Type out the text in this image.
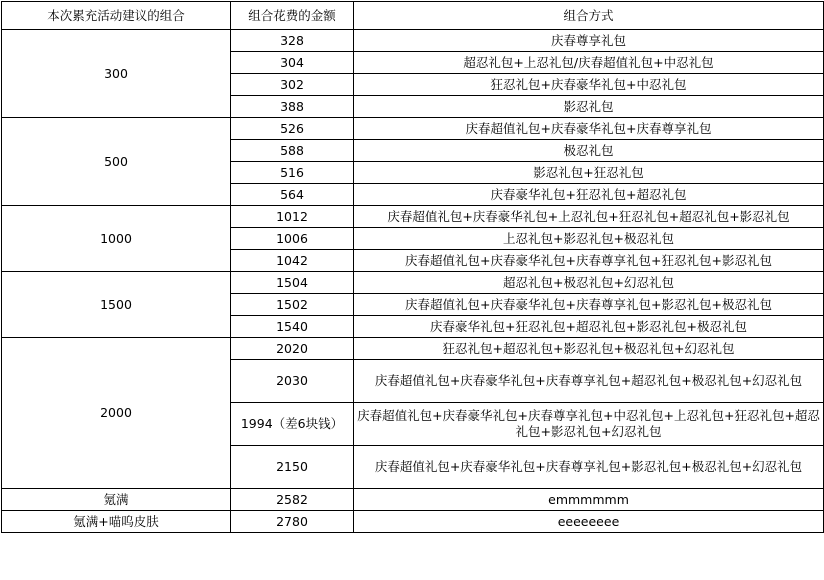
本次累充活动建议的组合	组合花费的金额	组合方式
300	328	庆春尊享礼包
	304	超忍礼包+上忍礼包/庆春超值礼包+中忍礼包
	302	狂忍礼包+庆春豪华礼包+中忍礼包
	388	影忍礼包
500	526	庆春超值礼包+庆春豪华礼包+庆春尊享礼包
	588	极忍礼包
	516	影忍礼包+狂忍礼包
	564	庆春豪华礼包+狂忍礼包+超忍礼包
1000	1012	庆春超值礼包+庆春豪华礼包+上忍礼包+狂忍礼包+超忍礼包+影忍礼包
	1006	上忍礼包+影忍礼包+极忍礼包
	1042	庆春超值礼包+庆春豪华礼包+庆春尊享礼包+狂忍礼包+影忍礼包
1500	1504	超忍礼包+极忍礼包+幻忍礼包
	1502	庆春超值礼包+庆春豪华礼包+庆春尊享礼包+影忍礼包+极忍礼包
	1540	庆春豪华礼包+狂忍礼包+超忍礼包+影忍礼包+极忍礼包
2000	2020	狂忍礼包+超忍礼包+影忍礼包+极忍礼包+幻忍礼包
	2030	庆春超值礼包+庆春豪华礼包+庆春尊享礼包+超忍礼包+极忍礼包+幻忍礼包
	1994（差6块钱）	庆春超值礼包+庆春豪华礼包+庆春尊享礼包+中忍礼包+上忍礼包+狂忍礼包+超忍礼包+影忍礼包+幻忍礼包
	2150	庆春超值礼包+庆春豪华礼包+庆春尊享礼包+影忍礼包+极忍礼包+幻忍礼包
氪满	2582	emmmmmm
氪满+喵呜皮肤	2780	eeeeeeee
